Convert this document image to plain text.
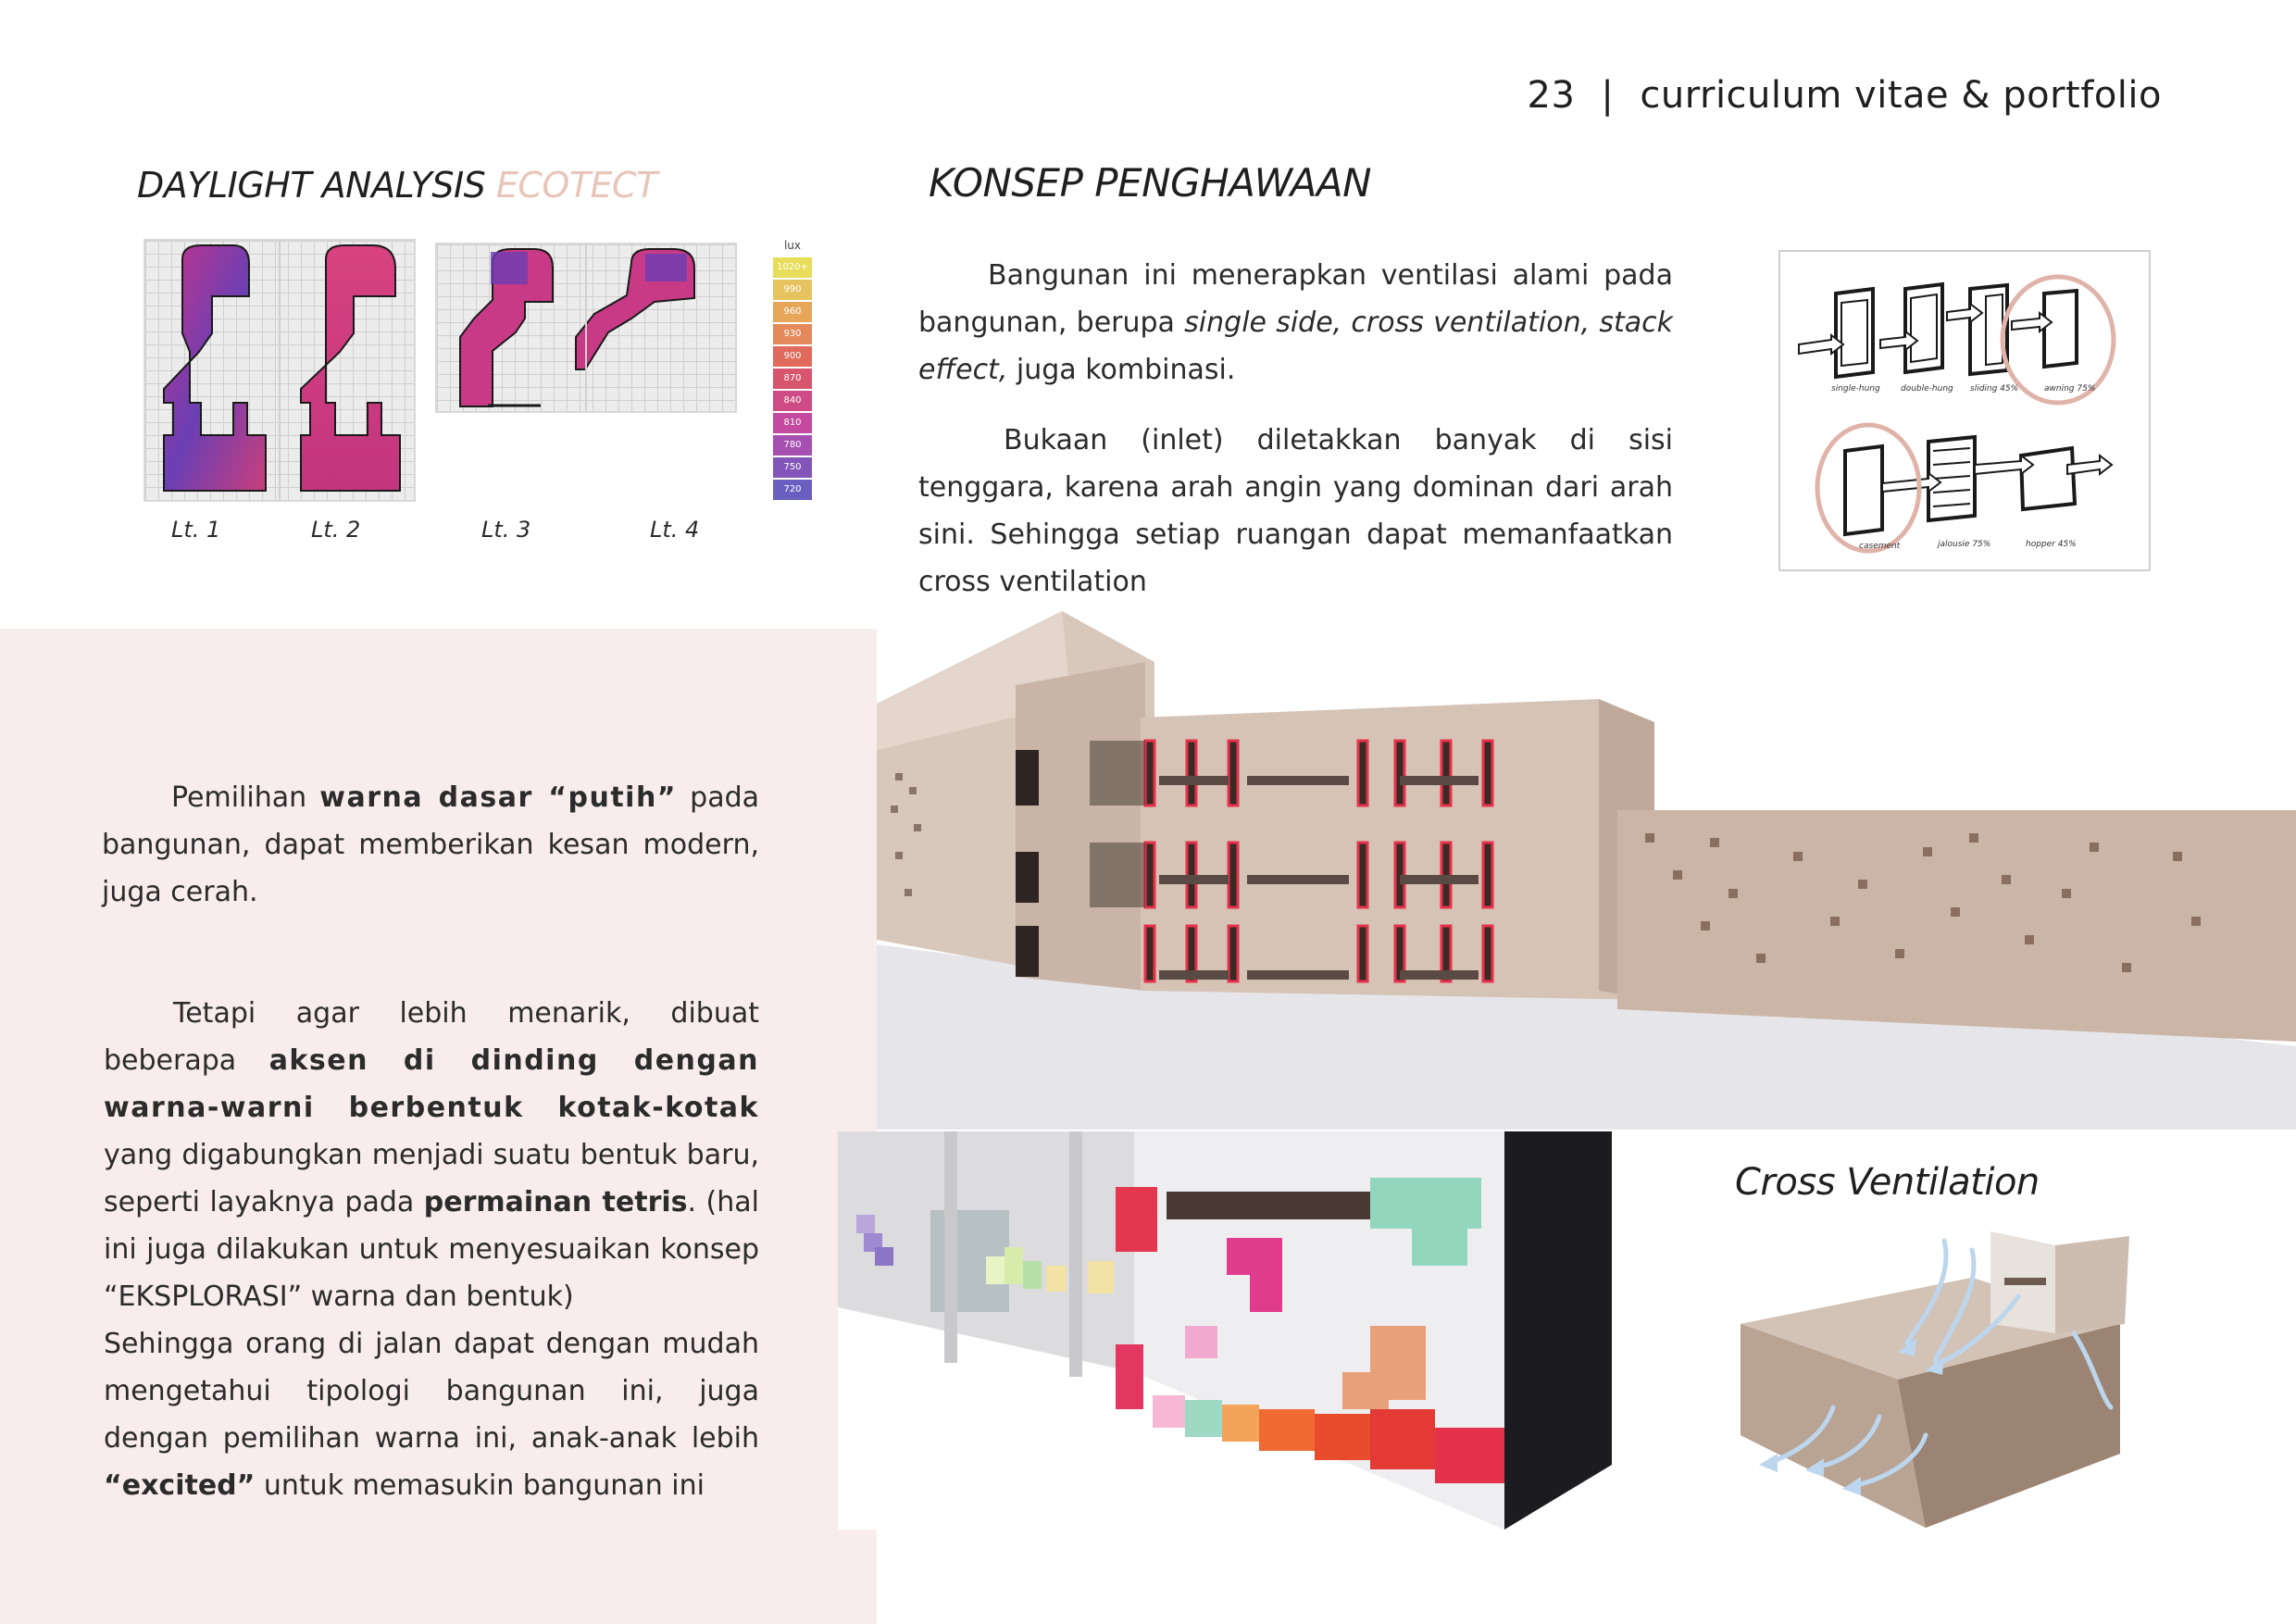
23 | curriculum vitae & portfolio
DAYLIGHT ANALYSIS ECOTECT
Lt. 1	Lt. 2	Lt. 3	Lt. 4
lux
1020+
990
960
930
900
870
840
810
780
750
720
KONSEP PENGHAWAAN
Bangunan ini menerapkan ventilasi alami pada bangunan, berupa single side, cross ventilation, stack effect, juga kombinasi.
Bukaan (inlet) diletakkan banyak di sisi tenggara, karena arah angin yang dominan dari arah sini. Sehingga setiap ruangan dapat memanfaatkan cross ventilation
single-hung double-hung sliding 45%	awning 75%
casement	jalousie 75%	hopper 45%
Pemilihan warna dasar “putih” pada bangunan, dapat memberikan kesan modern, juga cerah.
Tetapi agar lebih menarik, dibuat beberapa aksen di dinding dengan warna-warni berbentuk kotak-kotak yang digabungkan menjadi suatu bentuk baru, seperti layaknya pada permainan tetris. (hal ini juga dilakukan untuk menyesuaikan konsep “EKSPLORASI” warna dan bentuk)
Sehingga orang di jalan dapat dengan mudah mengetahui tipologi bangunan ini, juga dengan pemilihan warna ini, anak-anak lebih “excited” untuk memasukin bangunan ini
Cross Ventilation
